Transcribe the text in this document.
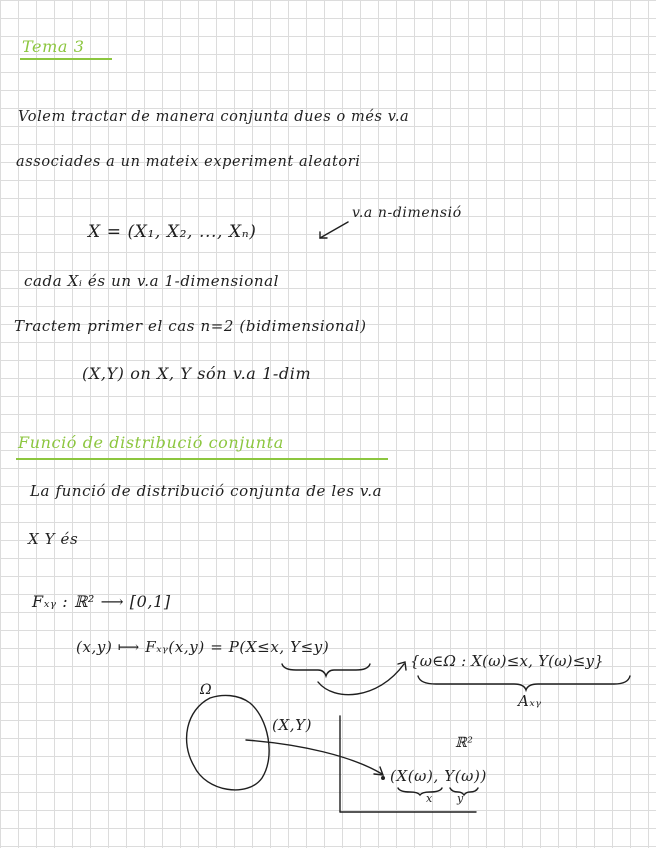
Tema 3
Volem tractar de manera conjunta dues o més v.a
associades a un mateix experiment aleatori
X = (X₁, X₂, ..., Xₙ)
v.a n-dimensió
cada Xᵢ és un v.a 1-dimensional
Tractem primer el cas n=2 (bidimensional)
(X,Y) on X, Y són v.a 1-dim
Funció de distribució conjunta
La funció de distribució conjunta de les v.a
X Y és
Fₓᵧ : ℝ² ⟶ [0,1]
(x,y) ⟼ Fₓᵧ(x,y) = P(X≤x, Y≤y)
{ω∈Ω : X(ω)≤x, Y(ω)≤y}
Aₓᵧ
Ω
(X,Y)
ℝ²
(X(ω), Y(ω))
x y
